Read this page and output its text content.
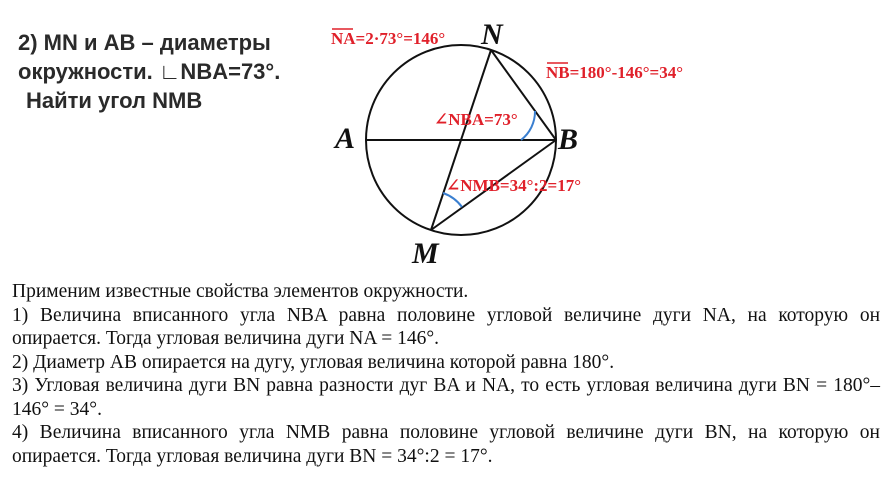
2) MN и AB – диаметры
окружности. ∟NBA=73°.
Найти угол NMB
N
A	B
M
NA=2·73°=146°
NB=180°-146°=34°
∠NBA=73°
∠NMB=34°:2=17°

Применим известные свойства элементов окружности.

1) Величина вписанного угла NBA равна половине угловой величине дуги NA, на которую он опирается. Тогда угловая величина дуги NA = 146°.

2) Диаметр AB опирается на дугу, угловая величина которой равна 180°.

3) Угловая величина дуги BN равна разности дуг BA и NA, то есть угловая величина дуги BN = 180°–146° = 34°.

4) Величина вписанного угла NMB равна половине угловой величине дуги BN, на которую он опирается. Тогда угловая величина дуги BN = 34°:2 = 17°.
